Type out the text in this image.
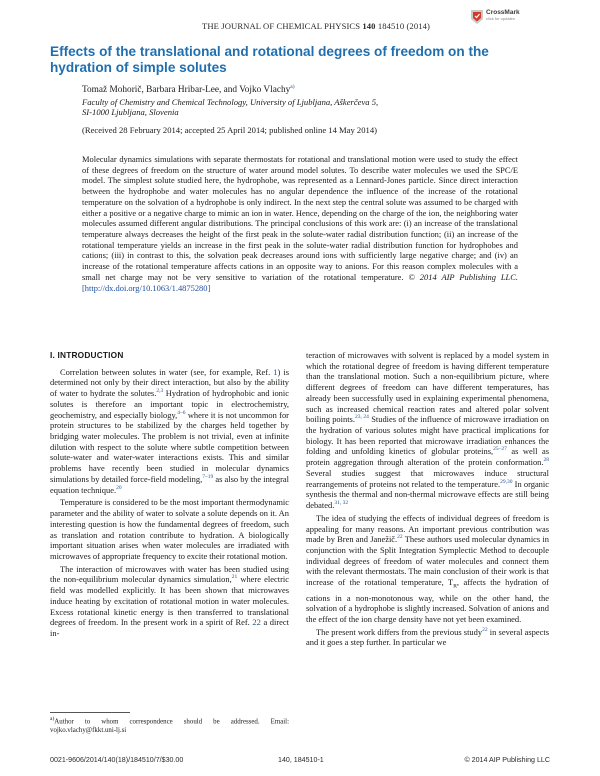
THE JOURNAL OF CHEMICAL PHYSICS 140 184510 (2014)
CrossMark
click for updates
Effects of the translational and rotational degrees of freedom on the hydration of simple solutes
Tomaž Mohorič, Barbara Hribar-Lee, and Vojko Vlachy$^{a)}$
Faculty of Chemistry and Chemical Technology, University of Ljubljana, Aškerčeva 5,
SI-1000 Ljubljana, Slovenia
(Received 28 February 2014; accepted 25 April 2014; published online 14 May 2014)
Molecular dynamics simulations with separate thermostats for rotational and translational motion were used to study the effect of these degrees of freedom on the structure of water around model solutes. To describe water molecules we used the SPC/E model. The simplest solute studied here, the hydrophobe, was represented as a Lennard-Jones particle. Since direct interaction between the hydrophobe and water molecules has no angular dependence the influence of the increase of the rotational temperature on the solvation of a hydrophobe is only indirect. In the next step the central solute was assumed to be charged with either a positive or a negative charge to mimic an ion in water. Hence, depending on the charge of the ion, the neighboring water molecules assumed different angular distributions. The principal conclusions of this work are: (i) an increase of the translational temperature always decreases the height of the first peak in the solute-water radial distribution function; (ii) an increase of the rotational temperature yields an increase in the first peak in the solute-water radial distribution function for hydrophobes and cations; (iii) in contrast to this, the solvation peak decreases around ions with sufficiently large negative charge; and (iv) an increase of the rotational temperature affects cations in an opposite way to anions. For this reason complex molecules with a small net charge may not be very sensitive to variation of the rotational temperature. © 2014 AIP Publishing LLC. [http://dx.doi.org/10.1063/1.4875280]
I. INTRODUCTION

Correlation between solutes in water (see, for example, Ref. 1) is determined not only by their direct interaction, but also by the ability of water to hydrate the solutes.$^{2,3}$ Hydration of hydrophobic and ionic solutes is therefore an important topic in electrochemistry, geochemistry, and especially biology,$^{4-6}$ where it is not uncommon for protein structures to be stabilized by the charges held together by bridging water molecules. The problem is not trivial, even at infinite dilution with respect to the solute where subtle competition between solute-water and water-water interactions exists. This and similar problems have recently been studied in molecular dynamics simulations by detailed force-field modeling,$^{7-19}$ as also by the integral equation technique.$^{20}$

Temperature is considered to be the most important thermodynamic parameter and the ability of water to solvate a solute depends on it. An interesting question is how the fundamental degrees of freedom, such as translation and rotation contribute to hydration. A biologically important situation arises when water molecules are irradiated with microwaves of appropriate frequency to excite their rotational motion.

The interaction of microwaves with water has been studied using the non-equilibrium molecular dynamics simulation,$^{21}$ where electric field was modelled explicitly. It has been shown that microwaves induce heating by excitation of rotational motion in water molecules. Excess rotational kinetic energy is then transferred to translational degrees of freedom. In the present work in a spirit of Ref. 22 a direct in-

teraction of microwaves with solvent is replaced by a model system in which the rotational degree of freedom is having different temperature than the translational motion. Such a non-equilibrium picture, where different degrees of freedom can have different temperatures, has already been successfully used in explaining experimental phenomena, such as increased chemical reaction rates and altered polar solvent boiling points.$^{23, 24}$ Studies of the influence of microwave irradiation on the hydration of various solutes might have practical implications for biology. It has been reported that microwave irradiation enhances the folding and unfolding kinetics of globular proteins,$^{25-27}$ as well as protein aggregation through alteration of the protein conformation.$^{28}$ Several studies suggest that microwaves induce structural rearrangements of proteins not related to the temperature.$^{29,30}$ In organic synthesis the thermal and non-thermal microwave effects are still being debated.$^{31, 32}$

The idea of studying the effects of individual degrees of freedom is appealing for many reasons. An important previous contribution was made by Bren and Janežič.$^{22}$ These authors used molecular dynamics in conjunction with the Split Integration Symplectic Method to decouple individual degrees of freedom of water molecules and connect them with the relevant thermostats. The main conclusion of their work is that increase of the rotational temperature, $T_R$, affects the hydration of cations in a non-monotonous way, while on the other hand, the solvation of a hydrophobe is slightly increased. Solvation of anions and the effect of the ion charge density have not yet been examined.

The present work differs from the previous study$^{22}$ in several aspects and it goes a step further. In particular we

$^{a)}$Author to whom correspondence should be addressed. Email: vojko.vlachy@fkkt.uni-lj.si
0021-9606/2014/140(18)/184510/7/$30.00	140, 184510-1	© 2014 AIP Publishing LLC
